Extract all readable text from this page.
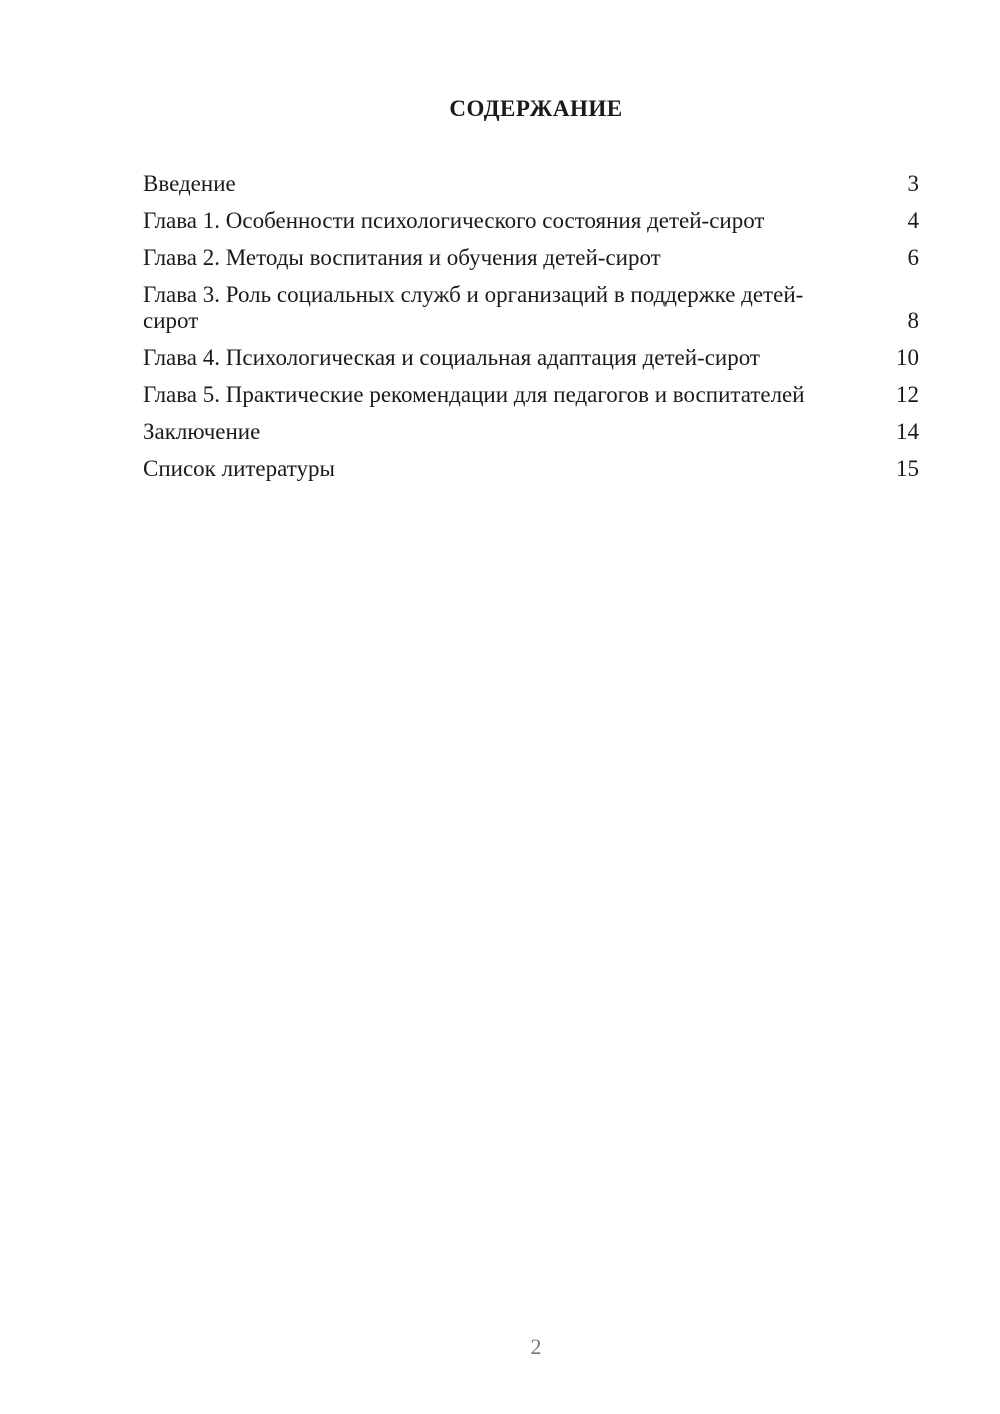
СОДЕРЖАНИЕ
Введение	3
Глава 1. Особенности психологического состояния детей-сирот	4
Глава 2. Методы воспитания и обучения детей-сирот	6
Глава 3. Роль социальных служб и организаций в поддержке детей-сирот	8
Глава 4. Психологическая и социальная адаптация детей-сирот	10
Глава 5. Практические рекомендации для педагогов и воспитателей	12
Заключение	14
Список литературы	15
2
